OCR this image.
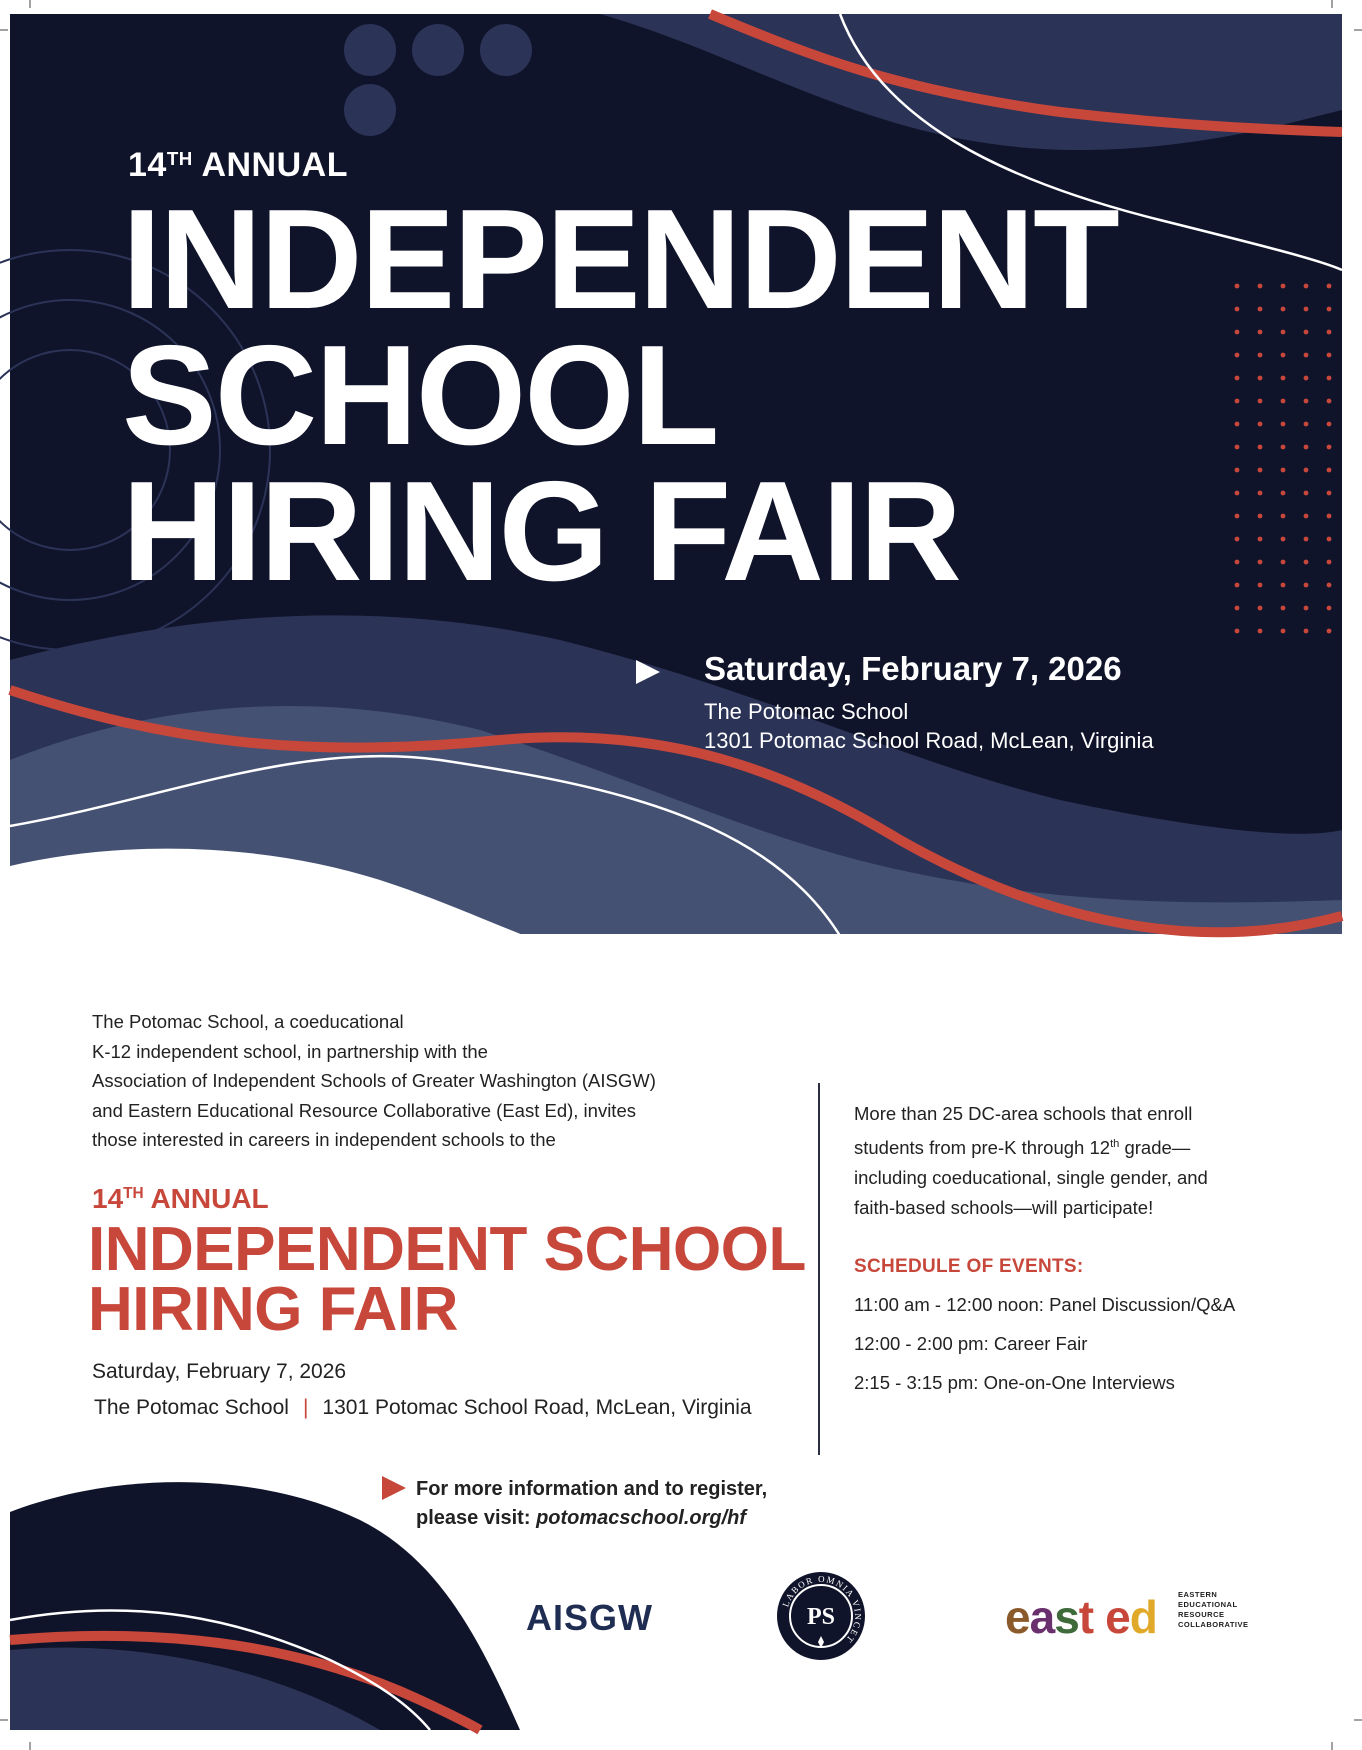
14TH ANNUAL
INDEPENDENT
SCHOOL
HIRING FAIR
Saturday, February 7, 2026
The Potomac School
1301 Potomac School Road, McLean, Virginia
The Potomac School, a coeducational
K-12 independent school, in partnership with the
Association of Independent Schools of Greater Washington (AISGW)
and Eastern Educational Resource Collaborative (East Ed), invites
those interested in careers in independent schools to the
14TH ANNUAL
INDEPENDENT SCHOOL
HIRING FAIR
Saturday, February 7, 2026
The Potomac School | 1301 Potomac School Road, McLean, Virginia
More than 25 DC-area schools that enroll
students from pre-K through 12th grade—
including coeducational, single gender, and
faith-based schools—will participate!
SCHEDULE OF EVENTS:
11:00 am - 12:00 noon: Panel Discussion/Q&A
12:00 - 2:00 pm: Career Fair
2:15 - 3:15 pm: One-on-One Interviews
For more information and to register,
please visit: potomacschool.org/hf
AISGW	LABOR OMNIA VINCET
PS	east ed	EASTERN
EDUCATIONAL
RESOURCE
COLLABORATIVE
